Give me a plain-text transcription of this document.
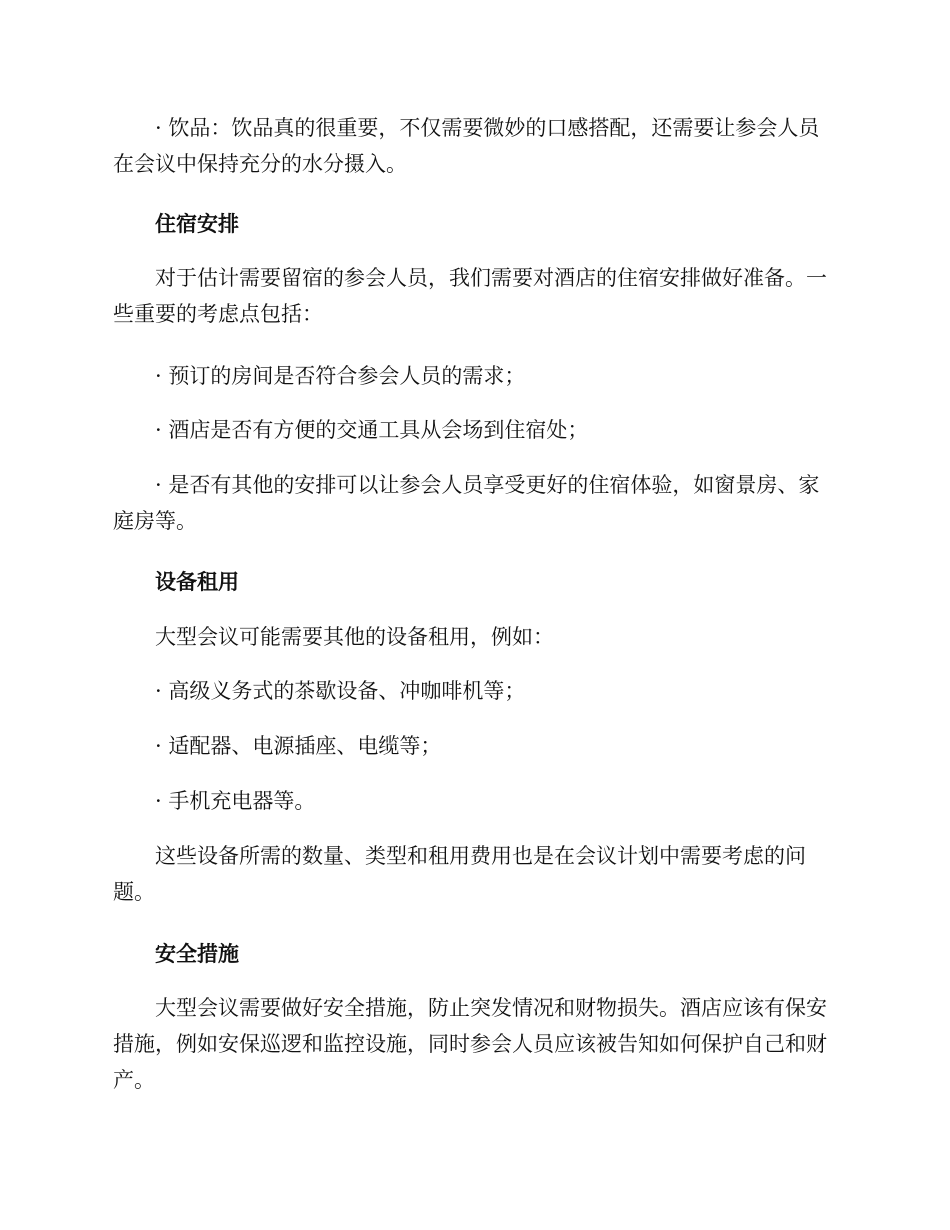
· 饮品：饮品真的很重要，不仅需要微妙的口感搭配，还需要让参会人员在会议中保持充分的水分摄入。

住宿安排

对于估计需要留宿的参会人员，我们需要对酒店的住宿安排做好准备。一些重要的考虑点包括：

· 预订的房间是否符合参会人员的需求；

· 酒店是否有方便的交通工具从会场到住宿处；

· 是否有其他的安排可以让参会人员享受更好的住宿体验，如窗景房、家庭房等。

设备租用

大型会议可能需要其他的设备租用，例如：

· 高级义务式的茶歇设备、冲咖啡机等；

· 适配器、电源插座、电缆等；

· 手机充电器等。

这些设备所需的数量、类型和租用费用也是在会议计划中需要考虑的问题。

安全措施

大型会议需要做好安全措施，防止突发情况和财物损失。酒店应该有保安措施，例如安保巡逻和监控设施，同时参会人员应该被告知如何保护自己和财产。
